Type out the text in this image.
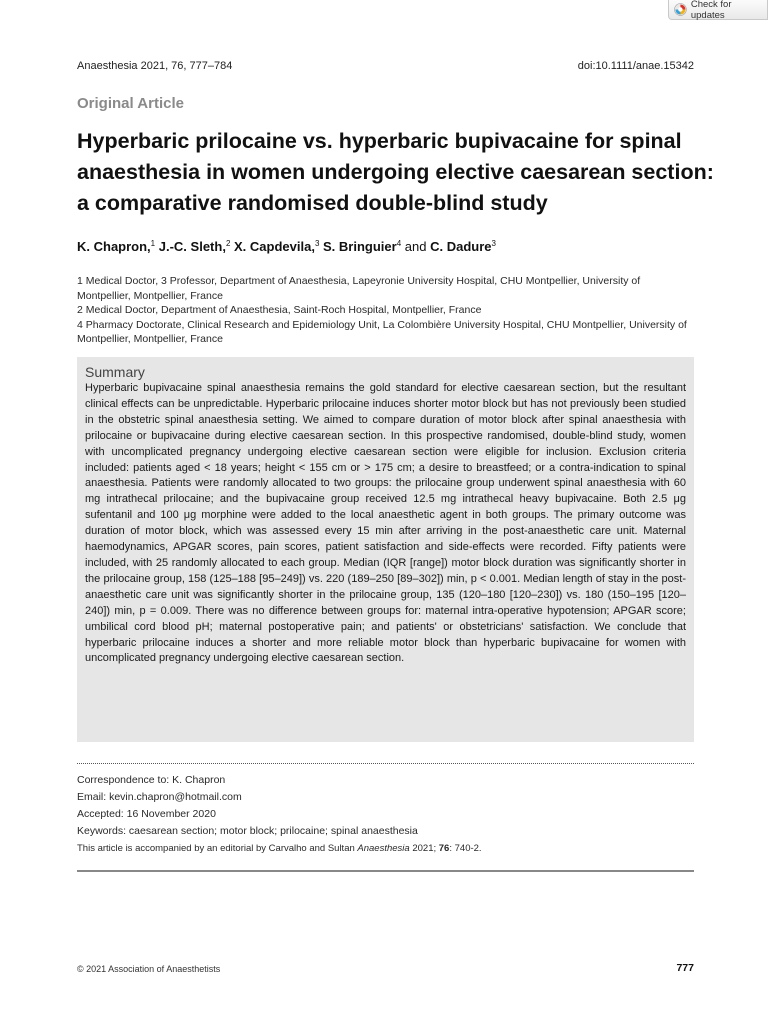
Check for updates
Anaesthesia 2021, 76, 777–784	doi:10.1111/anae.15342
Original Article
Hyperbaric prilocaine vs. hyperbaric bupivacaine for spinal anaesthesia in women undergoing elective caesarean section: a comparative randomised double-blind study
K. Chapron,$^1$ J.-C. Sleth,$^2$ X. Capdevila,$^3$ S. Bringuier$^4$ and C. Dadure$^3$

1 Medical Doctor, 3 Professor, Department of Anaesthesia, Lapeyronie University Hospital, CHU Montpellier, University of Montpellier, Montpellier, France

2 Medical Doctor, Department of Anaesthesia, Saint-Roch Hospital, Montpellier, France

4 Pharmacy Doctorate, Clinical Research and Epidemiology Unit, La Colombière University Hospital, CHU Montpellier, University of Montpellier, Montpellier, France

Summary

Hyperbaric bupivacaine spinal anaesthesia remains the gold standard for elective caesarean section, but the resultant clinical effects can be unpredictable. Hyperbaric prilocaine induces shorter motor block but has not previously been studied in the obstetric spinal anaesthesia setting. We aimed to compare duration of motor block after spinal anaesthesia with prilocaine or bupivacaine during elective caesarean section. In this prospective randomised, double-blind study, women with uncomplicated pregnancy undergoing elective caesarean section were eligible for inclusion. Exclusion criteria included: patients aged < 18 years; height < 155 cm or > 175 cm; a desire to breastfeed; or a contra-indication to spinal anaesthesia. Patients were randomly allocated to two groups: the prilocaine group underwent spinal anaesthesia with 60 mg intrathecal prilocaine; and the bupivacaine group received 12.5 mg intrathecal heavy bupivacaine. Both 2.5 μg sufentanil and 100 μg morphine were added to the local anaesthetic agent in both groups. The primary outcome was duration of motor block, which was assessed every 15 min after arriving in the post-anaesthetic care unit. Maternal haemodynamics, APGAR scores, pain scores, patient satisfaction and side-effects were recorded. Fifty patients were included, with 25 randomly allocated to each group. Median (IQR [range]) motor block duration was significantly shorter in the prilocaine group, 158 (125–188 [95–249]) vs. 220 (189–250 [89–302]) min, p < 0.001. Median length of stay in the post-anaesthetic care unit was significantly shorter in the prilocaine group, 135 (120–180 [120–230]) vs. 180 (150–195 [120–240]) min, p = 0.009. There was no difference between groups for: maternal intra-operative hypotension; APGAR score; umbilical cord blood pH; maternal postoperative pain; and patients' or obstetricians' satisfaction. We conclude that hyperbaric prilocaine induces a shorter and more reliable motor block than hyperbaric bupivacaine for women with uncomplicated pregnancy undergoing elective caesarean section.

Correspondence to: K. Chapron
Email: kevin.chapron@hotmail.com
Accepted: 16 November 2020
Keywords: caesarean section; motor block; prilocaine; spinal anaesthesia
This article is accompanied by an editorial by Carvalho and Sultan Anaesthesia 2021; 76: 740-2.
© 2021 Association of Anaesthetists	777
